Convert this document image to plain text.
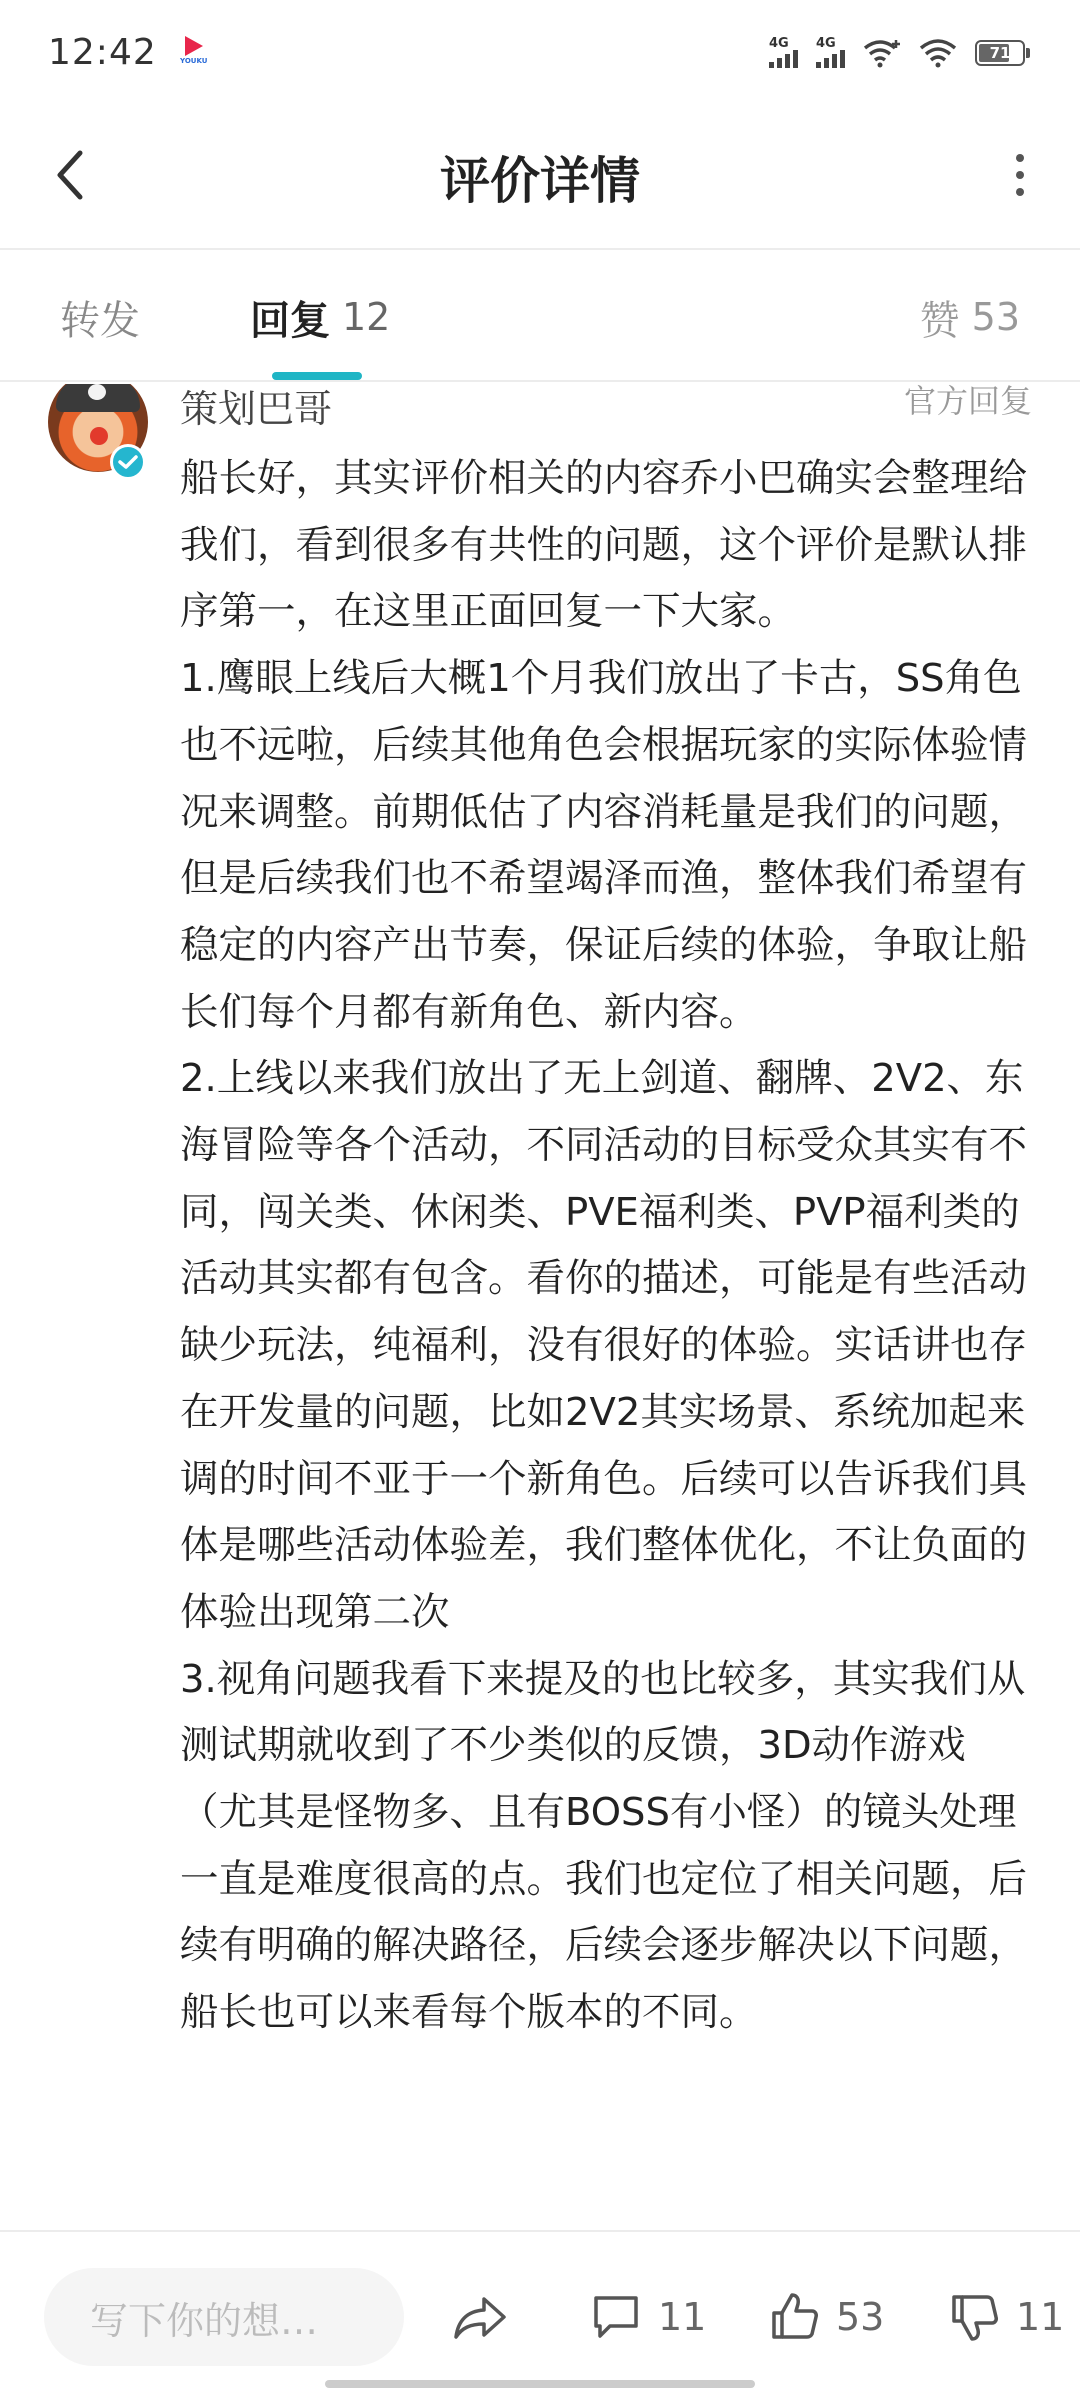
12:42	YOUKU
4G 4G	71
评价详情
转发	回复 12	赞 53
策划巴哥	官方回复
船长好，其实评价相关的内容乔小巴确实会整理给我们，看到很多有共性的问题，这个评价是默认排序第一，在这里正面回复一下大家。
1.鹰眼上线后大概1个月我们放出了卡古，SS角色也不远啦，后续其他角色会根据玩家的实际体验情况来调整。前期低估了内容消耗量是我们的问题，但是后续我们也不希望竭泽而渔，整体我们希望有稳定的内容产出节奏，保证后续的体验，争取让船长们每个月都有新角色、新内容。
2.上线以来我们放出了无上剑道、翻牌、2V2、东海冒险等各个活动，不同活动的目标受众其实有不同，闯关类、休闲类、PVE福利类、PVP福利类的活动其实都有包含。看你的描述，可能是有些活动缺少玩法，纯福利，没有很好的体验。实话讲也存在开发量的问题，比如2V2其实场景、系统加起来调的时间不亚于一个新角色。后续可以告诉我们具体是哪些活动体验差，我们整体优化，不让负面的体验出现第二次
3.视角问题我看下来提及的也比较多，其实我们从测试期就收到了不少类似的反馈，3D动作游戏（尤其是怪物多、且有BOSS有小怪）的镜头处理一直是难度很高的点。我们也定位了相关问题，后续有明确的解决路径，后续会逐步解决以下问题，船长也可以来看每个版本的不同。
写下你的想…	11	53	11
